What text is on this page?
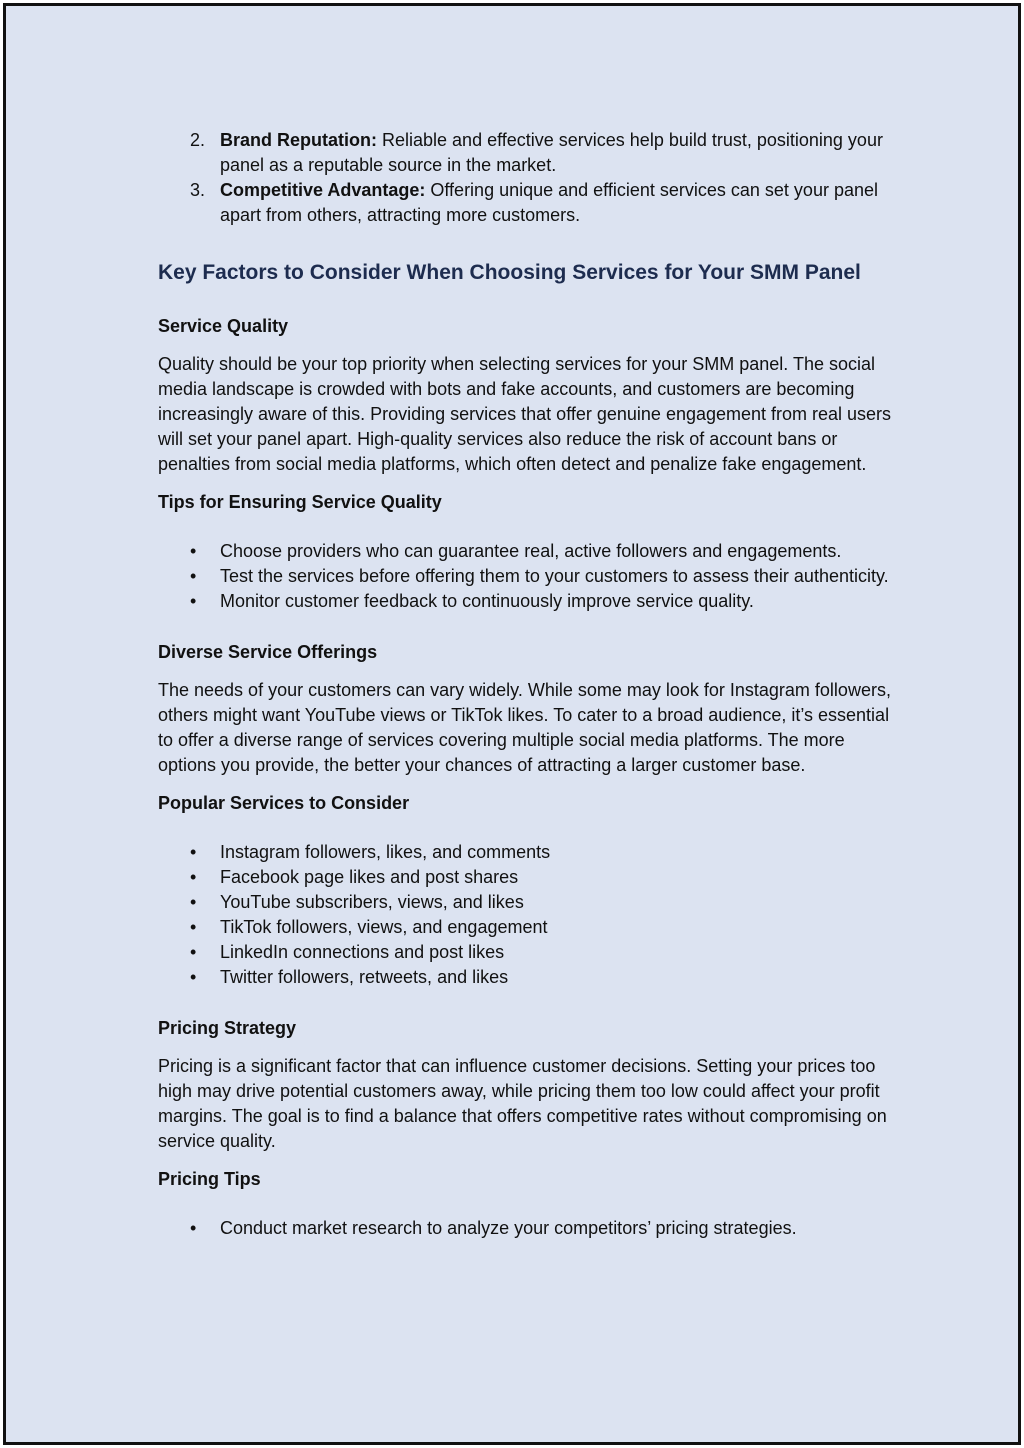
2. Brand Reputation: Reliable and effective services help build trust, positioning your panel as a reputable source in the market.
3. Competitive Advantage: Offering unique and efficient services can set your panel apart from others, attracting more customers.
Key Factors to Consider When Choosing Services for Your SMM Panel
Service Quality

Quality should be your top priority when selecting services for your SMM panel. The social media landscape is crowded with bots and fake accounts, and customers are becoming increasingly aware of this. Providing services that offer genuine engagement from real users will set your panel apart. High-quality services also reduce the risk of account bans or penalties from social media platforms, which often detect and penalize fake engagement.

Tips for Ensuring Service Quality
• Choose providers who can guarantee real, active followers and engagements.
• Test the services before offering them to your customers to assess their authenticity.
• Monitor customer feedback to continuously improve service quality.
Diverse Service Offerings

The needs of your customers can vary widely. While some may look for Instagram followers, others might want YouTube views or TikTok likes. To cater to a broad audience, it’s essential to offer a diverse range of services covering multiple social media platforms. The more options you provide, the better your chances of attracting a larger customer base.

Popular Services to Consider
• Instagram followers, likes, and comments
• Facebook page likes and post shares
• YouTube subscribers, views, and likes
• TikTok followers, views, and engagement
• LinkedIn connections and post likes
• Twitter followers, retweets, and likes
Pricing Strategy

Pricing is a significant factor that can influence customer decisions. Setting your prices too high may drive potential customers away, while pricing them too low could affect your profit margins. The goal is to find a balance that offers competitive rates without compromising on service quality.

Pricing Tips
• Conduct market research to analyze your competitors’ pricing strategies.
